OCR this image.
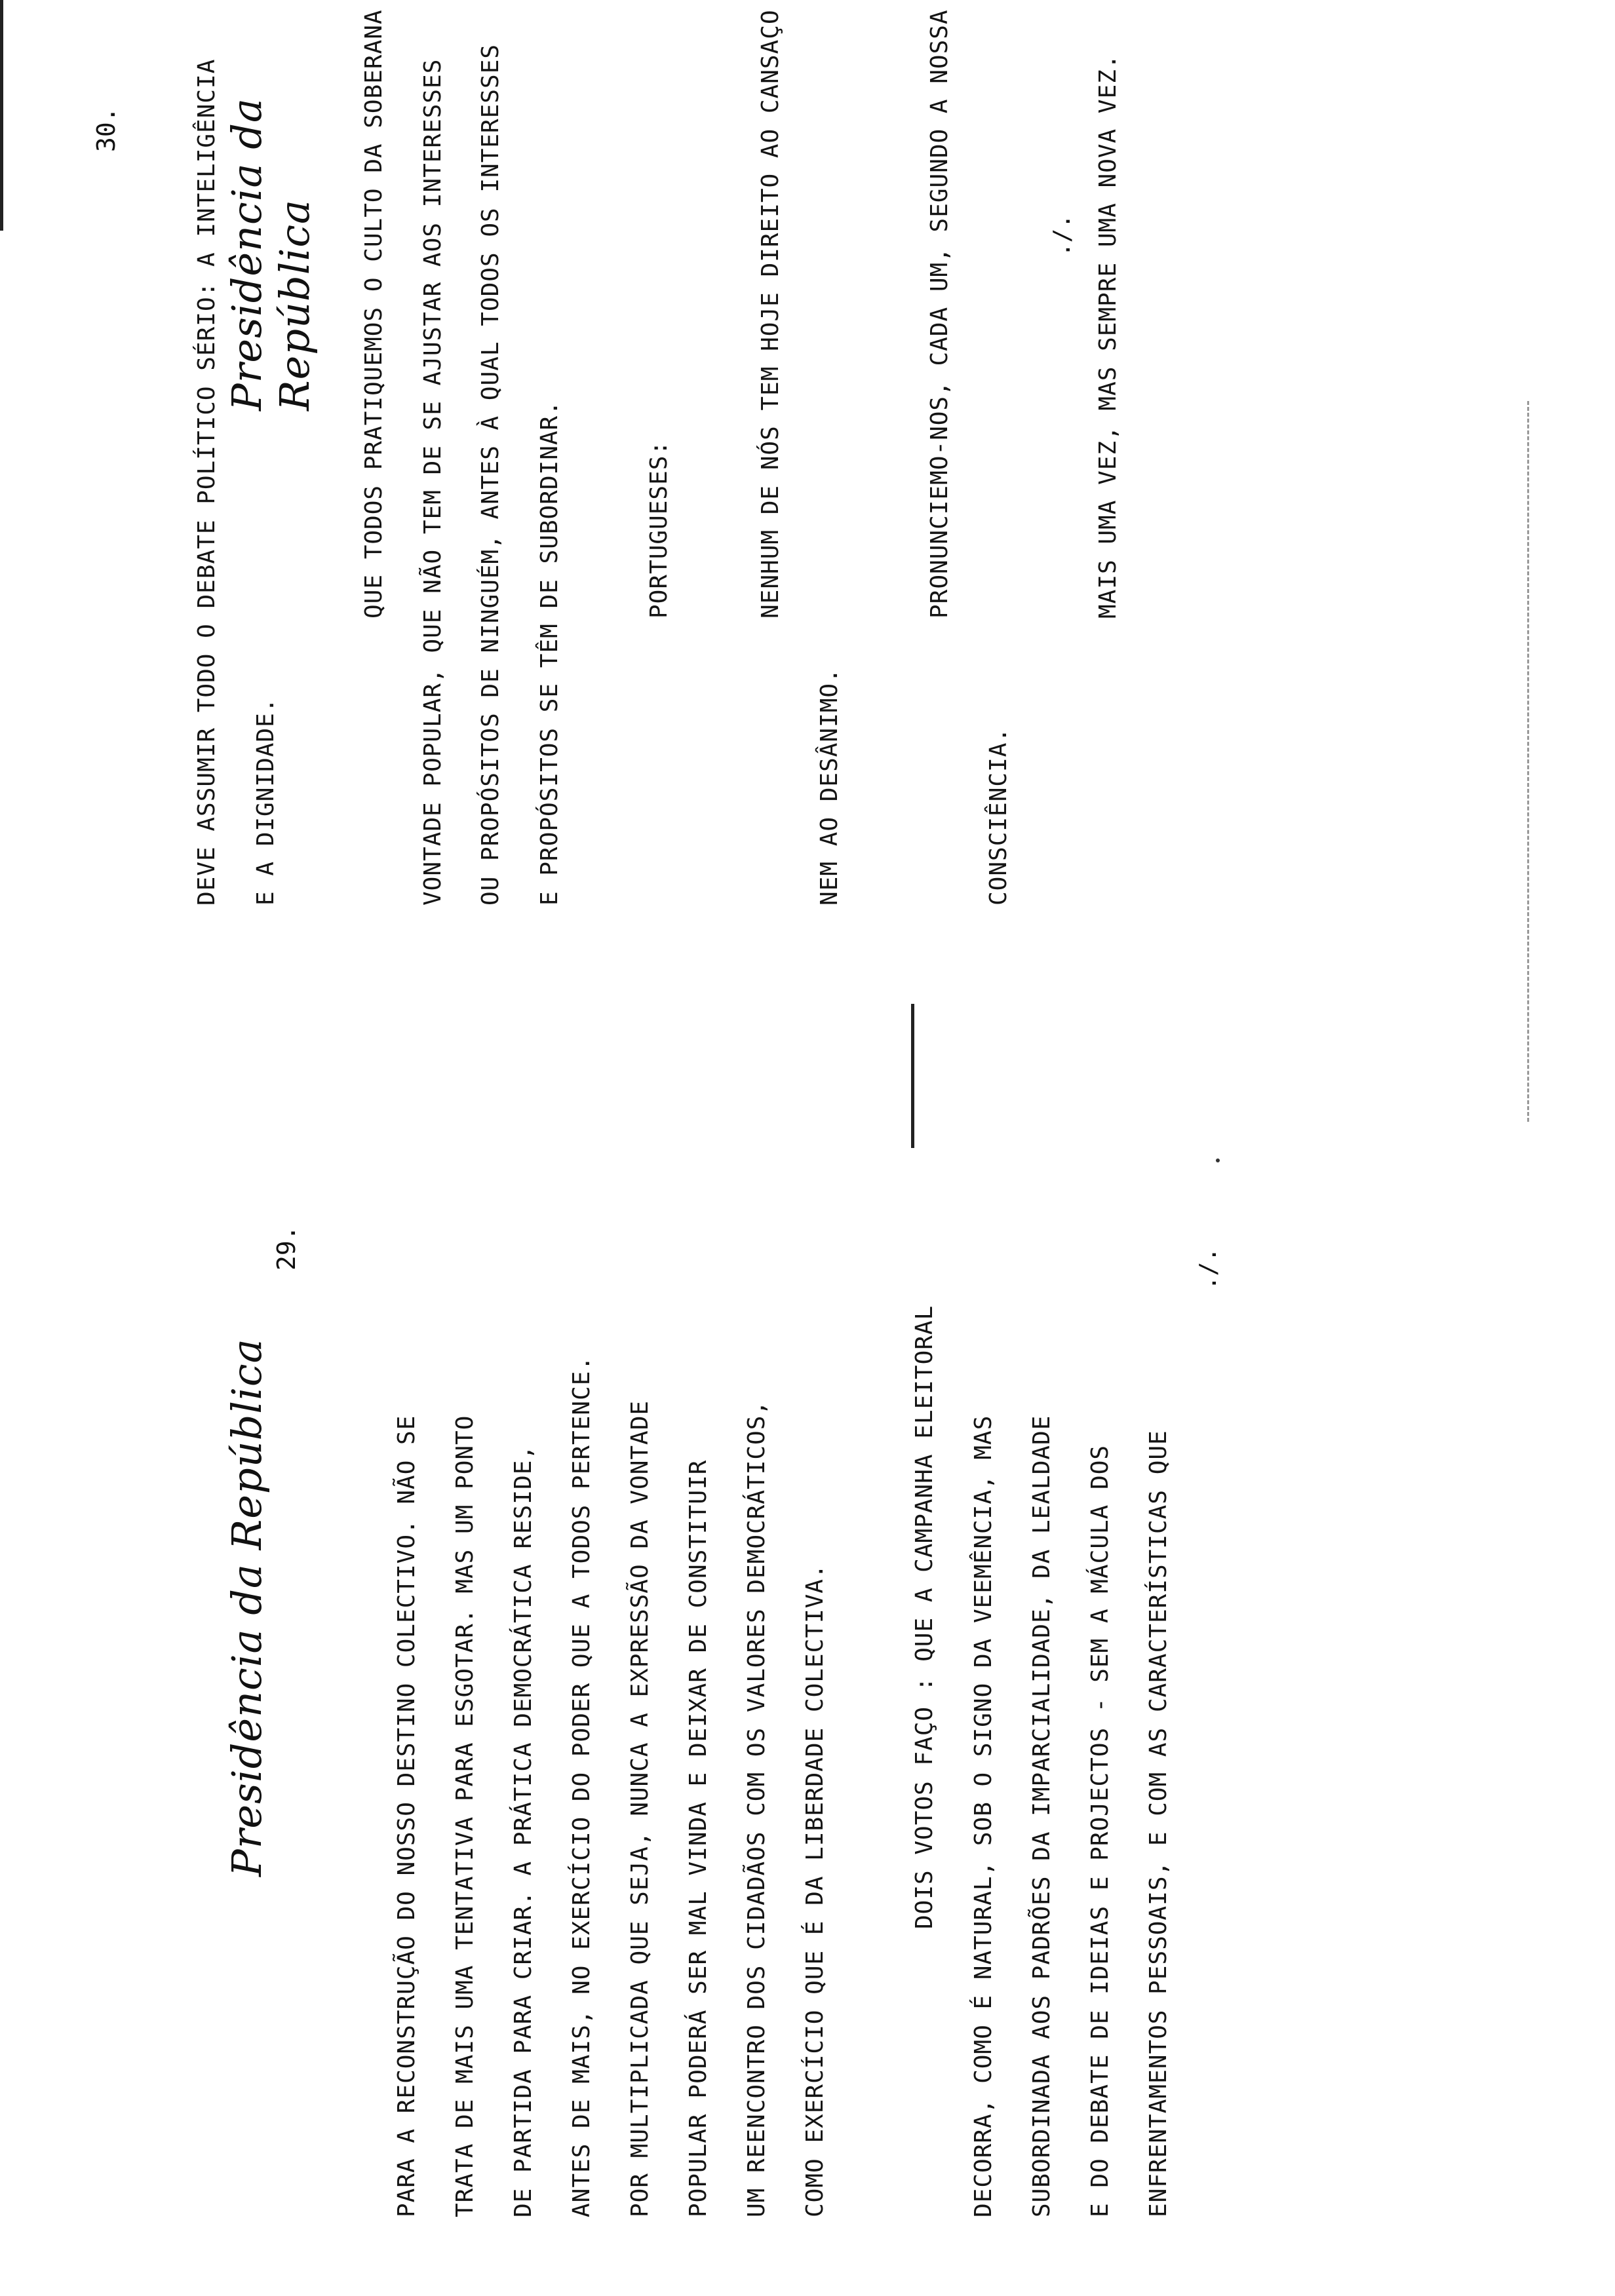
Presidência da República
29.

PARA A RECONSTRUÇÃO DO NOSSO DESTINO COLECTIVO. NÃO SE

TRATA DE MAIS UMA TENTATIVA PARA ESGOTAR. MAS UM PONTO

DE PARTIDA PARA CRIAR. A PRÁTICA DEMOCRÁTICA RESIDE,

ANTES DE MAIS, NO EXERCÍCIO DO PODER QUE A TODOS PERTENCE.

POR MULTIPLICADA QUE SEJA, NUNCA A EXPRESSÃO DA VONTADE

POPULAR PODERÁ SER MAL VINDA E DEIXAR DE CONSTITUIR

UM REENCONTRO DOS CIDADÃOS COM OS VALORES DEMOCRÁTICOS,

COMO EXERCÍCIO QUE É DA LIBERDADE COLECTIVA.

	DOIS VOTOS FAÇO : QUE A CAMPANHA ELEITORAL

DECORRA, COMO É NATURAL, SOB O SIGNO DA VEEMÊNCIA, MAS

SUBORDINADA AOS PADRÕES DA IMPARCIALIDADE, DA LEALDADE

E DO DEBATE DE IDEIAS E PROJECTOS - SEM A MÁCULA DOS

ENFRENTAMENTOS PESSOAIS, E COM AS CARACTERÍSTICAS QUE

./.
Presidência da República
30.

	DEVE ASSUMIR TODO O DEBATE POLÍTICO SÉRIO: A INTELIGÊNCIA

E A DIGNIDADE.

QUE TODOS PRATIQUEMOS O CULTO DA SOBERANA

VONTADE POPULAR, QUE NÃO TEM DE SE AJUSTAR AOS INTERESSES

OU PROPÓSITOS DE NINGUÉM, ANTES À QUAL TODOS OS INTERESSES

E PROPÓSITOS SE TÊM DE SUBORDINAR.

	PORTUGUESES:

	NENHUM DE NÓS TEM HOJE DIREITO AO CANSAÇO

NEM AO DESÂNIMO.

PRONUNCIEMO-NOS, CADA UM, SEGUNDO A NOSSA

CONSCIÊNCIA.

MAIS UMA VEZ, MAS SEMPRE UMA NOVA VEZ.

./.
